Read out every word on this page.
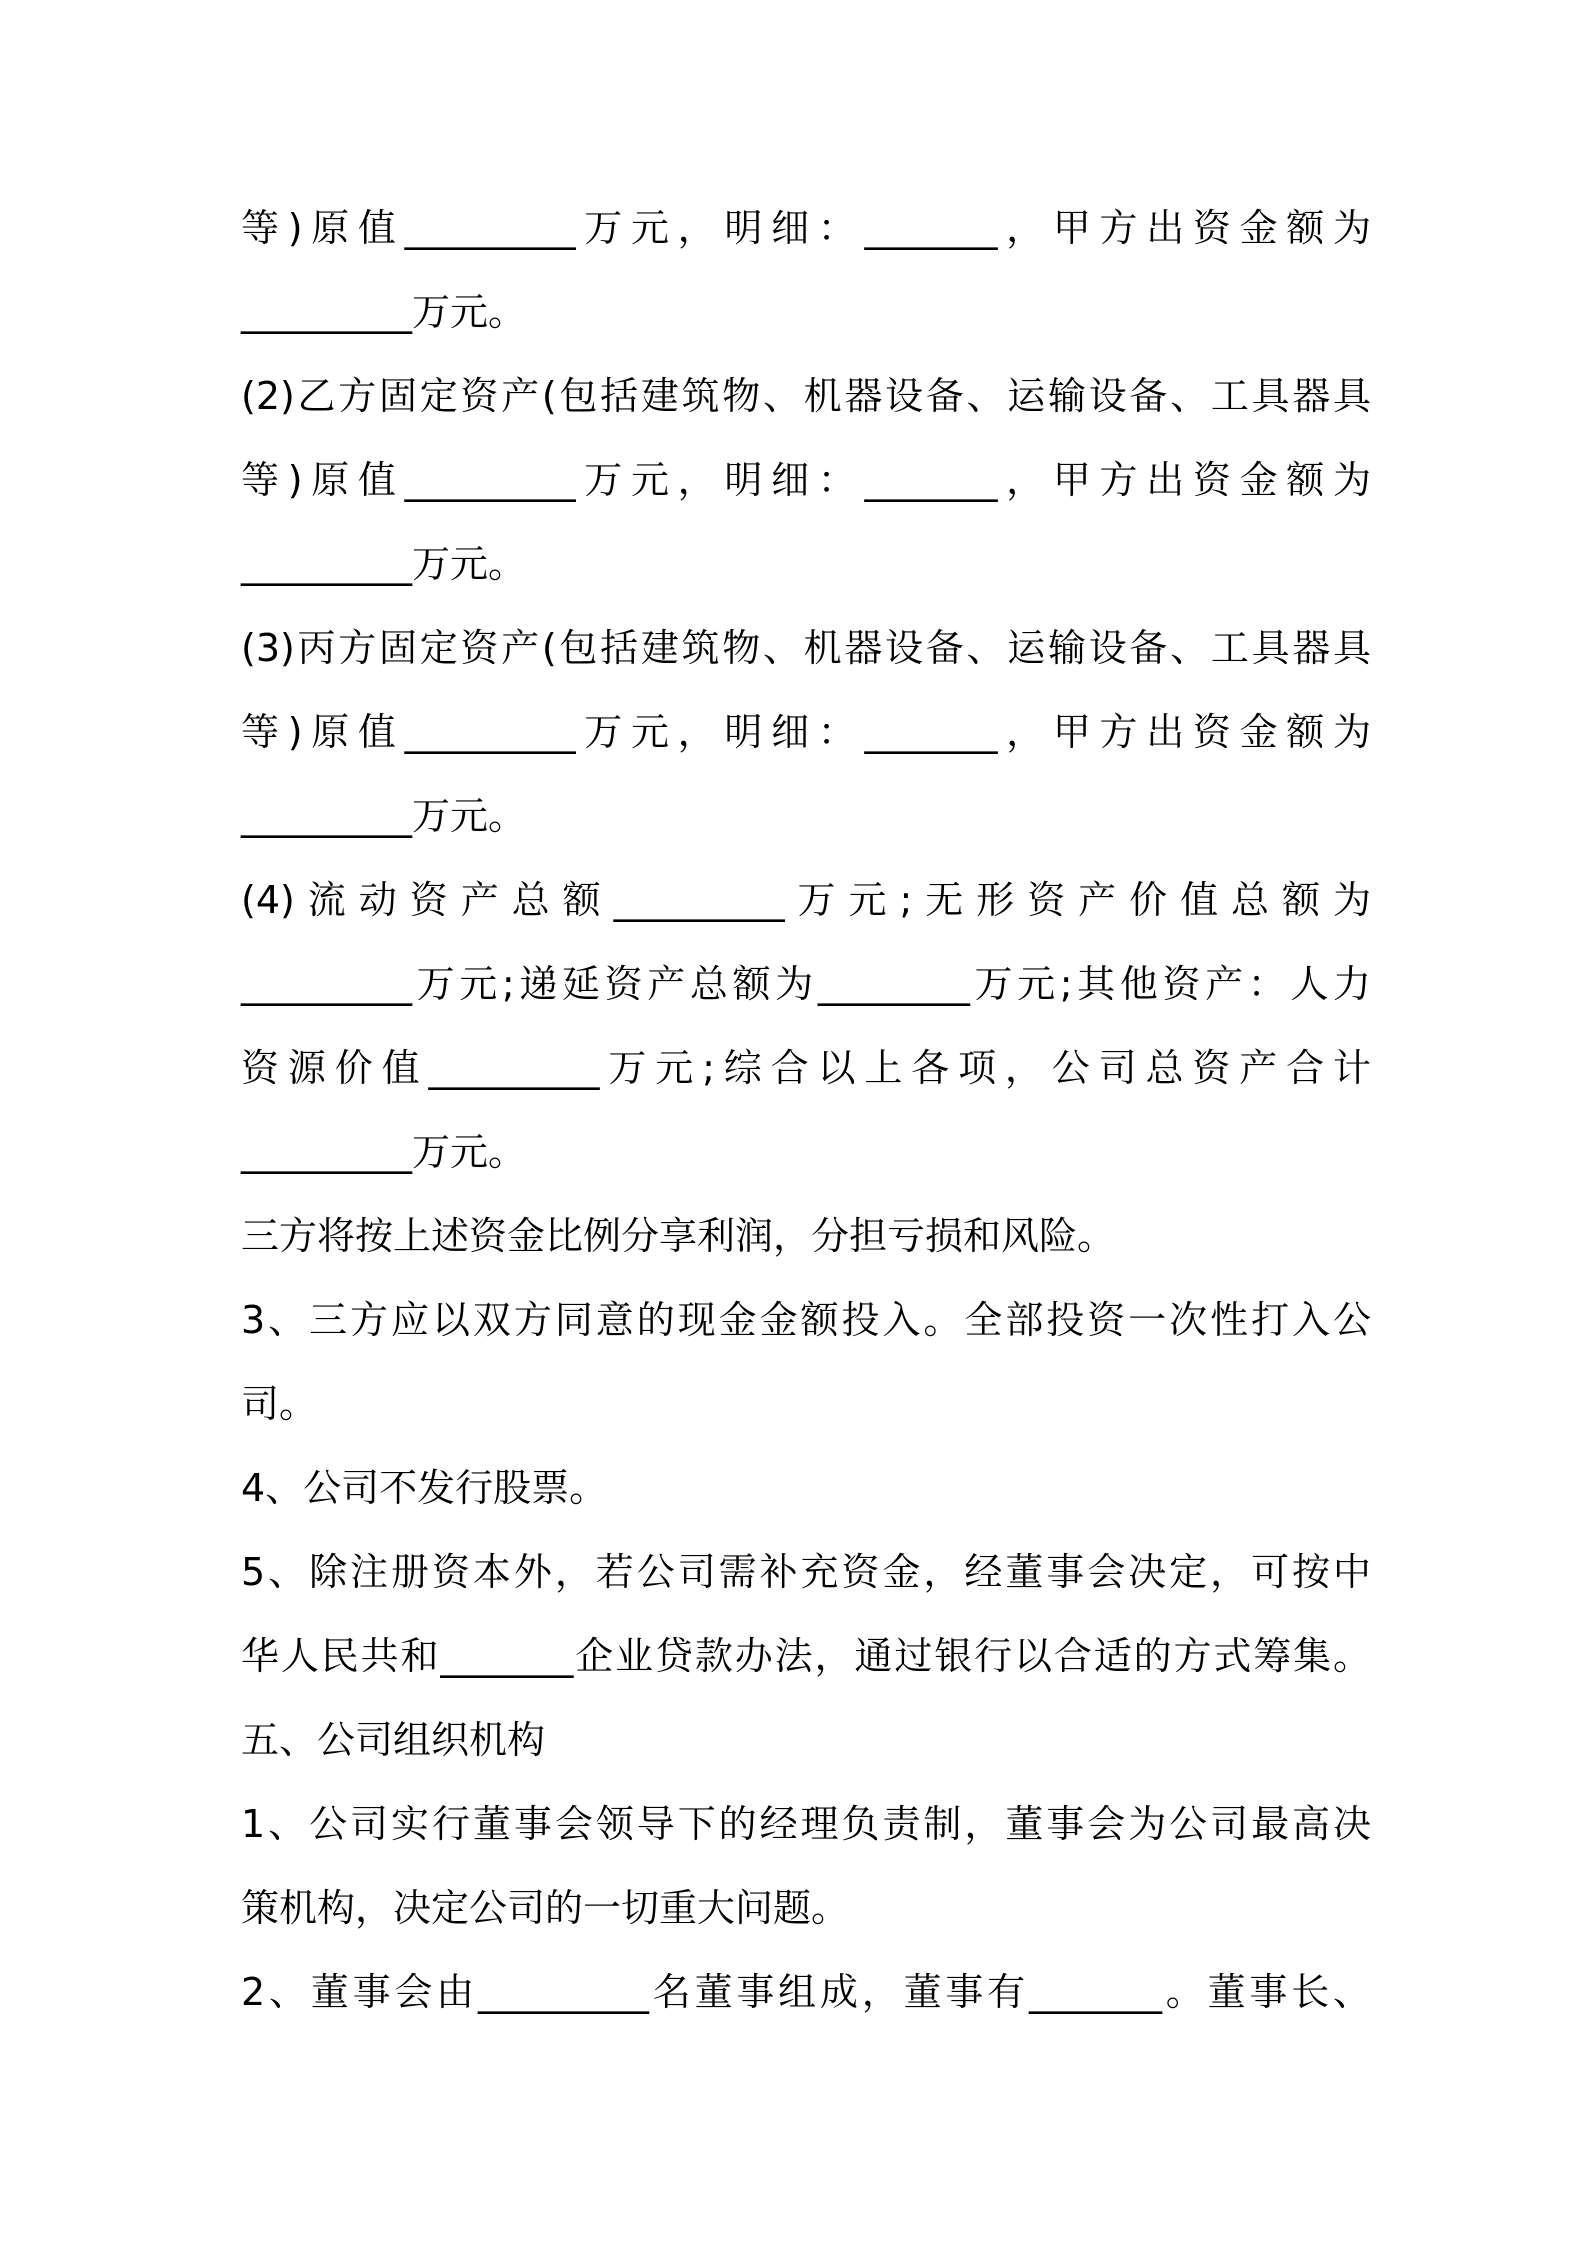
等)原值_________万元，明细：_______，甲方出资金额为
_________万元。
(2)乙方固定资产(包括建筑物、机器设备、运输设备、工具器具
等)原值_________万元，明细：_______，甲方出资金额为
_________万元。
(3)丙方固定资产(包括建筑物、机器设备、运输设备、工具器具
等)原值_________万元，明细：_______，甲方出资金额为
_________万元。
(4)流动资产总额_________万元;无形资产价值总额为
_________万元;递延资产总额为________万元;其他资产：人力
资源价值_________万元;综合以上各项，公司总资产合计
_________万元。
三方将按上述资金比例分享利润，分担亏损和风险。
3、三方应以双方同意的现金金额投入。全部投资一次性打入公
司。
4、公司不发行股票。
5、除注册资本外，若公司需补充资金，经董事会决定，可按中
华人民共和_______企业贷款办法，通过银行以合适的方式筹集。
五、公司组织机构
1、公司实行董事会领导下的经理负责制，董事会为公司最高决
策机构，决定公司的一切重大问题。
2、董事会由_________名董事组成，董事有_______。董事长、
